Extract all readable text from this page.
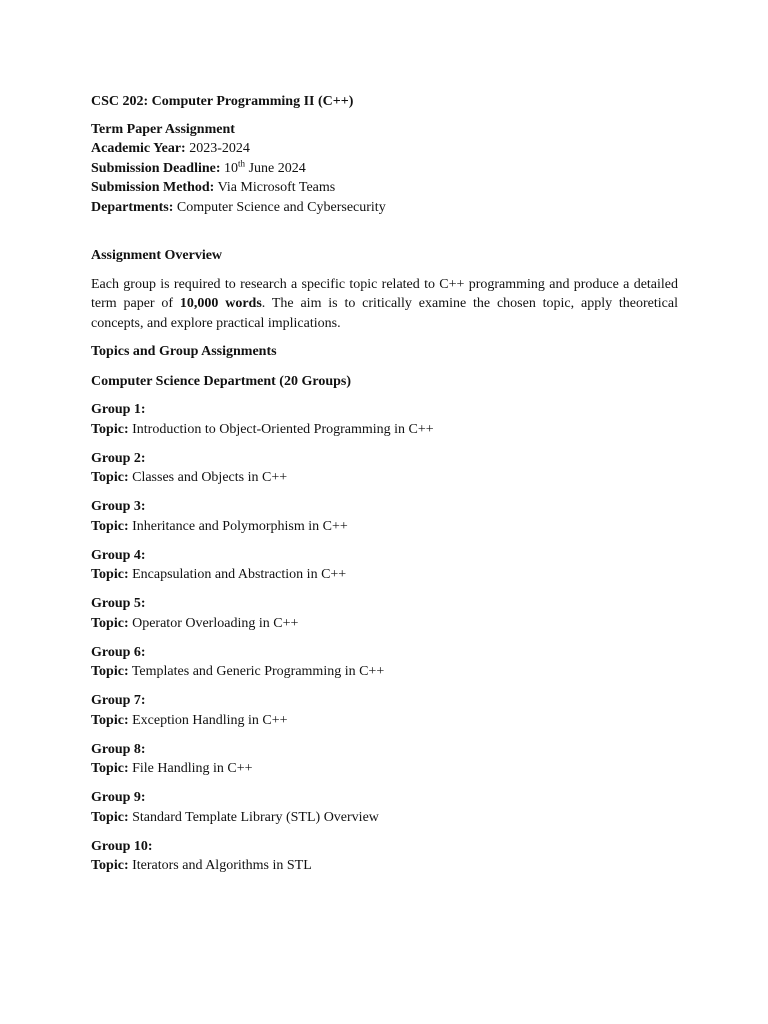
CSC 202: Computer Programming II (C++)

Term Paper Assignment

Academic Year: 2023-2024

Submission Deadline: 10th June 2024

Submission Method: Via Microsoft Teams

Departments: Computer Science and Cybersecurity

Assignment Overview

Each group is required to research a specific topic related to C++ programming and produce a detailed term paper of 10,000 words. The aim is to critically examine the chosen topic, apply theoretical concepts, and explore practical implications.

Topics and Group Assignments

Computer Science Department (20 Groups)

Group 1:

Topic: Introduction to Object-Oriented Programming in C++

Group 2:

Topic: Classes and Objects in C++

Group 3:

Topic: Inheritance and Polymorphism in C++

Group 4:

Topic: Encapsulation and Abstraction in C++

Group 5:

Topic: Operator Overloading in C++

Group 6:

Topic: Templates and Generic Programming in C++

Group 7:

Topic: Exception Handling in C++

Group 8:

Topic: File Handling in C++

Group 9:

Topic: Standard Template Library (STL) Overview

Group 10:

Topic: Iterators and Algorithms in STL
